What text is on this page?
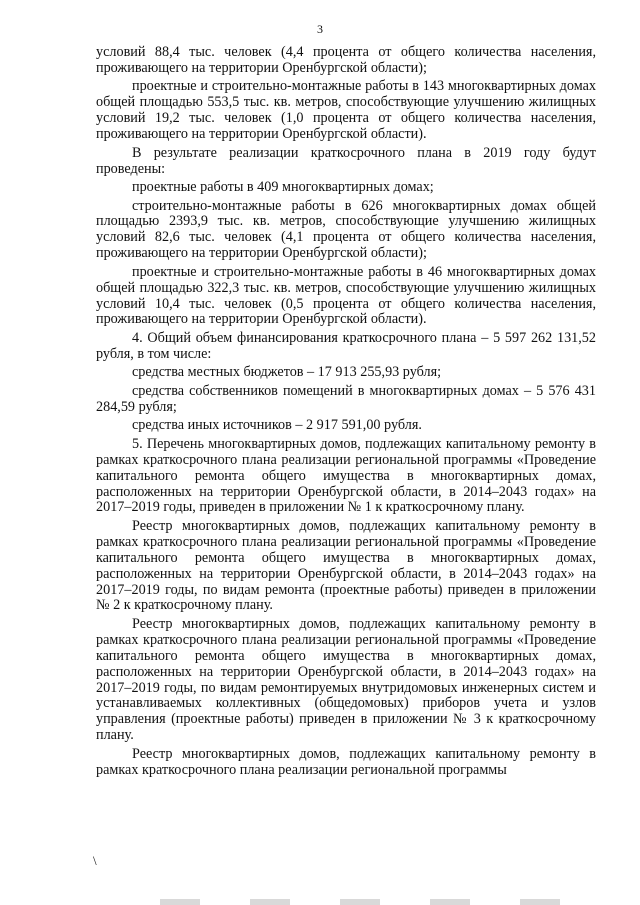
3

условий 88,4 тыс. человек (4,4 процента от общего количества населения, проживающего на территории Оренбургской области);

проектные и строительно-монтажные работы в 143 многоквартирных домах общей площадью 553,5 тыс. кв. метров, способствующие улучшению жилищных условий 19,2 тыс. человек (1,0 процента от общего количества населения, проживающего на территории Оренбургской области).

В результате реализации краткосрочного плана в 2019 году будут проведены:

проектные работы в 409 многоквартирных домах;

строительно-монтажные работы в 626 многоквартирных домах общей площадью 2393,9 тыс. кв. метров, способствующие улучшению жилищных условий 82,6 тыс. человек (4,1 процента от общего количества населения, проживающего на территории Оренбургской области);

проектные и строительно-монтажные работы в 46 многоквартирных домах общей площадью 322,3 тыс. кв. метров, способствующие улучшению жилищных условий 10,4 тыс. человек (0,5 процента от общего количества населения, проживающего на территории Оренбургской области).

4. Общий объем финансирования краткосрочного плана – 5 597 262 131,52 рубля, в том числе:

средства местных бюджетов – 17 913 255,93 рубля;

средства собственников помещений в многоквартирных домах – 5 576 431 284,59 рубля;

средства иных источников – 2 917 591,00 рубля.

5. Перечень многоквартирных домов, подлежащих капитальному ремонту в рамках краткосрочного плана реализации региональной программы «Проведение капитального ремонта общего имущества в многоквартирных домах, расположенных на территории Оренбургской области, в 2014–2043 годах» на 2017–2019 годы, приведен в приложении № 1 к краткосрочному плану.

Реестр многоквартирных домов, подлежащих капитальному ремонту в рамках краткосрочного плана реализации региональной программы «Проведение капитального ремонта общего имущества в многоквартирных домах, расположенных на территории Оренбургской области, в 2014–2043 годах» на 2017–2019 годы, по видам ремонта (проектные работы) приведен в приложении № 2 к краткосрочному плану.

Реестр многоквартирных домов, подлежащих капитальному ремонту в рамках краткосрочного плана реализации региональной программы «Проведение капитального ремонта общего имущества в многоквартирных домах, расположенных на территории Оренбургской области, в 2014–2043 годах» на 2017–2019 годы, по видам ремонтируемых внутридомовых инженерных систем и устанавливаемых коллективных (общедомовых) приборов учета и узлов управления (проектные работы) приведен в приложении № 3 к краткосрочному плану.

Реестр многоквартирных домов, подлежащих капитальному ремонту в рамках краткосрочного плана реализации региональной программы

\
